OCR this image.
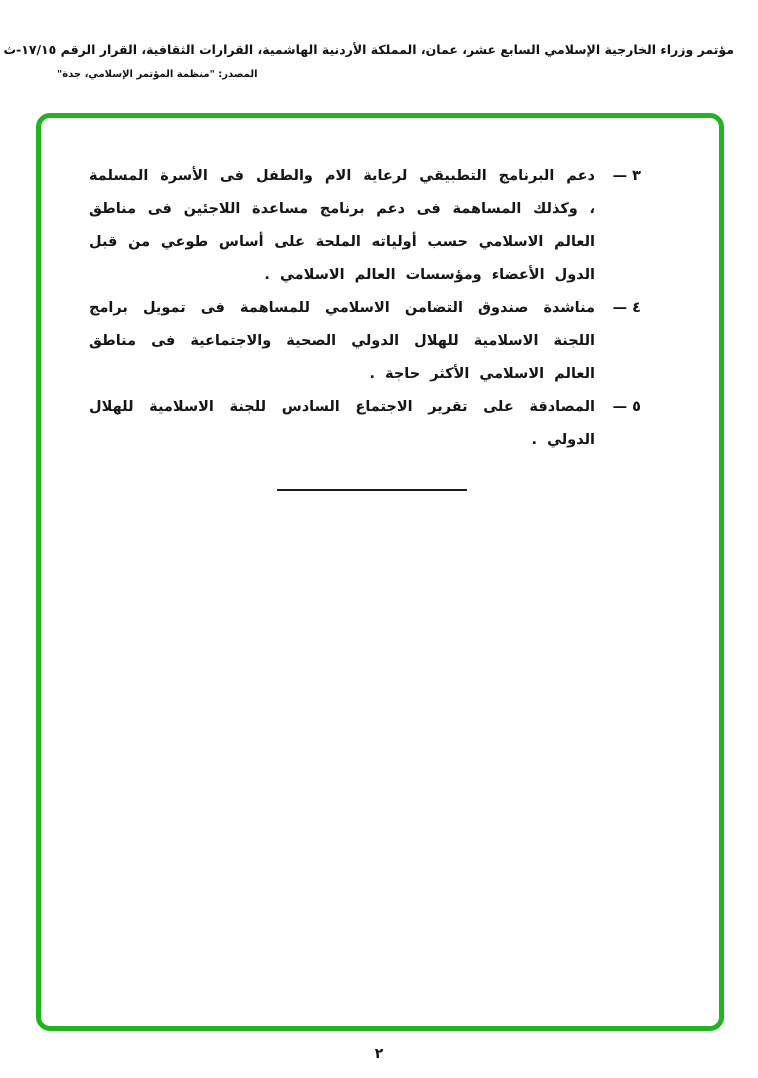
مؤتمر وزراء الخارجية الإسلامي السابع عشر، عمان، المملكة الأردنية الهاشمية، القرارات الثقافية، القرار الرقم ١٧/١٥-ث
المصدر: "منظمة المؤتمر الإسلامي، جدة"
٣ —
دعم البرنامج التطبيقي لرعاية الام والطفل فى الأسرة المسلمة ، وكذلك المساهمة فى دعم برنامج مساعدة اللاجئين فى مناطق العالم الاسلامي حسب أولياته الملحة على أساس طوعي من قبل الدول الأعضاء ومؤسسات العالم الاسلامي .
٤ —
مناشدة صندوق التضامن الاسلامي للمساهمة فى تمويل برامج اللجنة الاسلامية للهلال الدولي الصحية والاجتماعية فى مناطق العالم الاسلامي الأكثر حاجة .
٥ —
المصادقة على تقرير الاجتماع السادس للجنة الاسلامية للهلال الدولي .
٢
